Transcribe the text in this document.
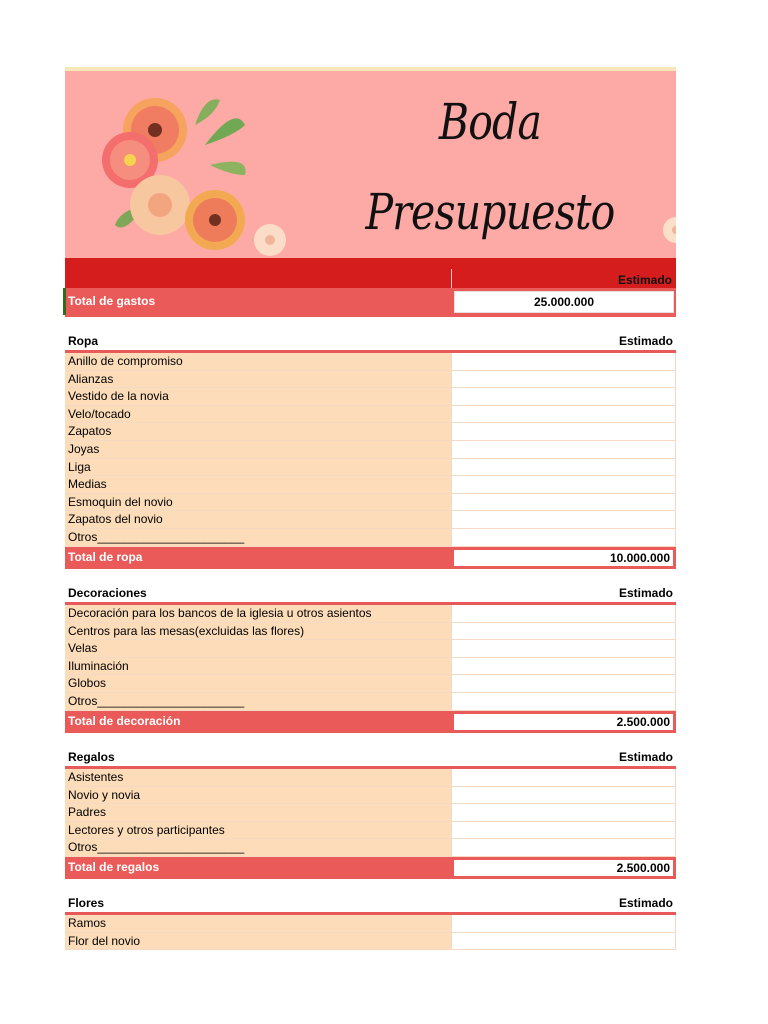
Boda
Presupuesto
Estimado
Total de gastos	25.000.000
Ropa	Estimado
Anillo de compromiso
Alianzas
Vestido de la novia
Velo/tocado
Zapatos
Joyas
Liga
Medias
Esmoquin del novio
Zapatos del novio
Otros______________________
Total de ropa	10.000.000
Decoraciones	Estimado
Decoración para los bancos de la iglesia u otros asientos
Centros para las mesas(excluidas las flores)
Velas
Iluminación
Globos
Otros______________________
Total de decoración	2.500.000
Regalos	Estimado
Asistentes
Novio y novia
Padres
Lectores y otros participantes
Otros______________________
Total de regalos	2.500.000
Flores	Estimado
Ramos
Flor del novio
